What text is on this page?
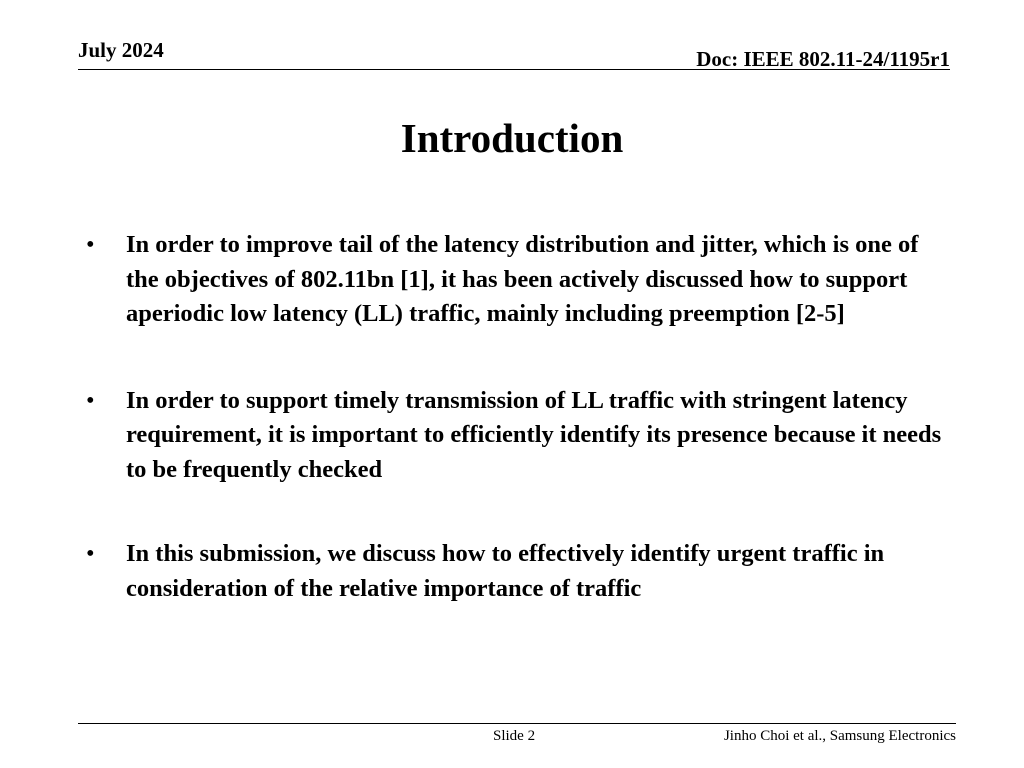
July 2024	Doc: IEEE 802.11-24/1195r1
Introduction
• In order to improve tail of the latency distribution and jitter, which is one of the objectives of 802.11bn [1], it has been actively discussed how to support aperiodic low latency (LL) traffic, mainly including preemption [2-5]
• In order to support timely transmission of LL traffic with stringent latency requirement, it is important to efficiently identify its presence because it needs to be frequently checked
• In this submission, we discuss how to effectively identify urgent traffic in consideration of the relative importance of traffic
Slide 2	Jinho Choi et al., Samsung Electronics
